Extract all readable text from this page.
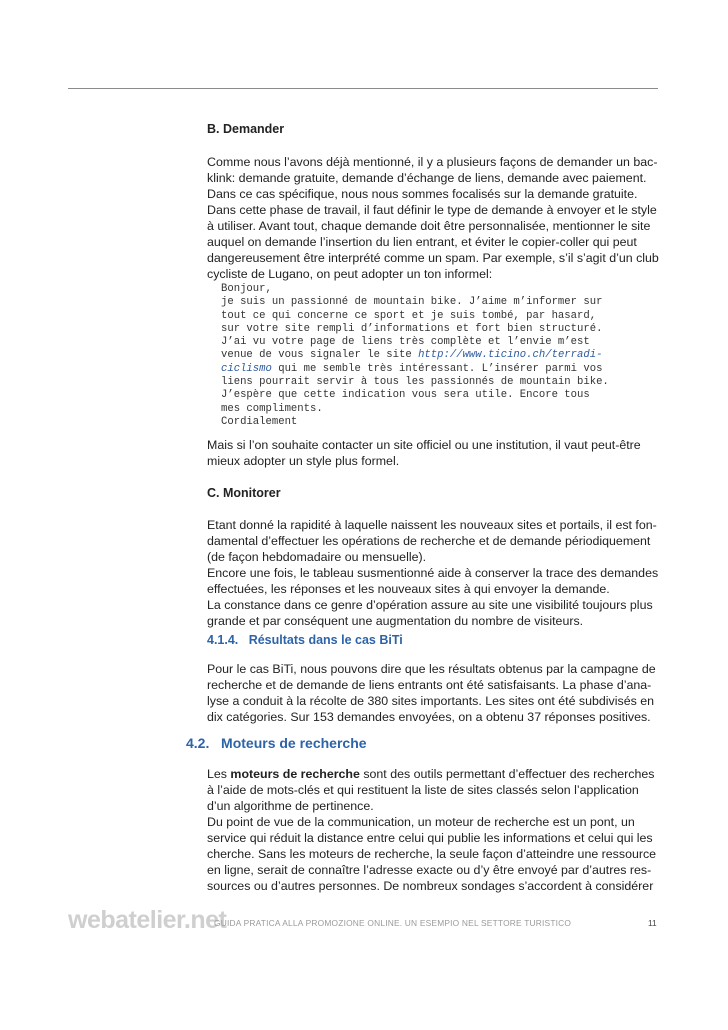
B. Demander

Comme nous l’avons déjà mentionné, il y a plusieurs façons de demander un bac-
klink: demande gratuite, demande d’échange de liens, demande avec paiement.
Dans ce cas spécifique, nous nous sommes focalisés sur la demande gratuite.
Dans cette phase de travail, il faut définir le type de demande à envoyer et le style
à utiliser. Avant tout, chaque demande doit être personnalisée, mentionner le site
auquel on demande l’insertion du lien entrant, et éviter le copier-coller qui peut
dangereusement être interprété comme un spam. Par exemple, s’il s’agit d’un club
cycliste de Lugano, on peut adopter un ton informel:

Bonjour,
je suis un passionné de mountain bike. J’aime m’informer sur
tout ce qui concerne ce sport et je suis tombé, par hasard,
sur votre site rempli d’informations et fort bien structuré.
J’ai vu votre page de liens très complète et l’envie m’est
venue de vous signaler le site http://www.ticino.ch/terradi-
ciclismo qui me semble très intéressant. L’insérer parmi vos
liens pourrait servir à tous les passionnés de mountain bike.
J’espère que cette indication vous sera utile. Encore tous
mes compliments.
Cordialement

Mais si l’on souhaite contacter un site officiel ou une institution, il vaut peut-être
mieux adopter un style plus formel.

C. Monitorer

Etant donné la rapidité à laquelle naissent les nouveaux sites et portails, il est fon-
damental d’effectuer les opérations de recherche et de demande périodiquement
(de façon hebdomadaire ou mensuelle).
Encore une fois, le tableau susmentionné aide à conserver la trace des demandes
effectuées, les réponses et les nouveaux sites à qui envoyer la demande.
La constance dans ce genre d’opération assure au site une visibilité toujours plus
grande et par conséquent une augmentation du nombre de visiteurs.

4.1.4. Résultats dans le cas BiTi

Pour le cas BiTi, nous pouvons dire que les résultats obtenus par la campagne de
recherche et de demande de liens entrants ont été satisfaisants. La phase d’ana-
lyse a conduit à la récolte de 380 sites importants. Les sites ont été subdivisés en
dix catégories. Sur 153 demandes envoyées, on a obtenu 37 réponses positives.

4.2. Moteurs de recherche

Les moteurs de recherche sont des outils permettant d’effectuer des recherches
à l’aide de mots-clés et qui restituent la liste de sites classés selon l’application
d’un algorithme de pertinence.
Du point de vue de la communication, un moteur de recherche est un pont, un
service qui réduit la distance entre celui qui publie les informations et celui qui les
cherche. Sans les moteurs de recherche, la seule façon d’atteindre une ressource
en ligne, serait de connaître l’adresse exacte ou d’y être envoyé par d’autres res-
sources ou d’autres personnes. De nombreux sondages s’accordent à considérer

webatelier.net
GUIDA PRATICA ALLA PROMOZIONE ONLINE. UN ESEMPIO NEL SETTORE TURISTICO	11
